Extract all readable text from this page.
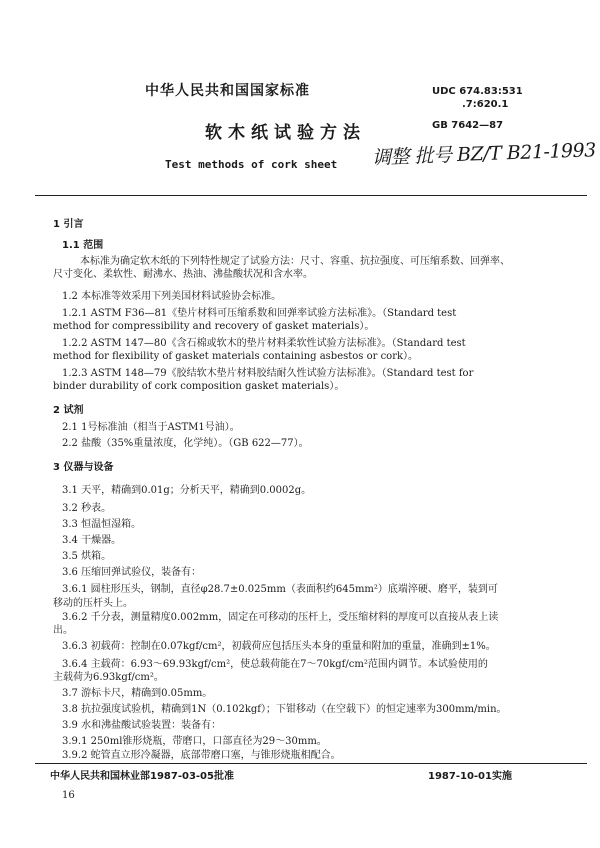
中华人民共和国国家标准
软木纸试验方法
Test methods of cork sheet
UDC 674.83:531
.7:620.1
GB 7642—87
调整 批号 BZ/T B21-1993
1 引言
1.1 范围
本标准为确定软木纸的下列特性规定了试验方法：尺寸、容重、抗拉强度、可压缩系数、回弹率、
尺寸变化、柔软性、耐沸水、热油、沸盐酸状况和含水率。
1.2 本标准等效采用下列美国材料试验协会标准。
1.2.1 ASTM F36—81《垫片材料可压缩系数和回弹率试验方法标准》。（Standard test
method for compressibility and recovery of gasket materials）。
1.2.2 ASTM 147—80《含石棉或软木的垫片材料柔软性试验方法标准》。（Standard test
method for flexibility of gasket materials containing asbestos or cork）。
1.2.3 ASTM 148—79《胶结软木垫片材料胶结耐久性试验方法标准》。（Standard test for
binder durability of cork composition gasket materials）。
2 试剂
2.1 1号标准油（相当于ASTM1号油）。
2.2 盐酸（35%重量浓度，化学纯）。（GB 622—77）。
3 仪器与设备
3.1 天平，精确到0.01g；分析天平，精确到0.0002g。
3.2 秒表。
3.3 恒温恒湿箱。
3.4 干燥器。
3.5 烘箱。
3.6 压缩回弹试验仪，装备有：
3.6.1 圆柱形压头，钢制，直径φ28.7±0.025mm（表面积约645mm²）底端淬硬、磨平，装到可
移动的压杆头上。
3.6.2 千分表，测量精度0.002mm，固定在可移动的压杆上，受压缩材料的厚度可以直接从表上读
出。
3.6.3 初载荷：控制在0.07kgf/cm²，初载荷应包括压头本身的重量和附加的重量，准确到±1%。
3.6.4 主载荷：6.93～69.93kgf/cm²，使总载荷能在7～70kgf/cm²范围内调节。本试验使用的
主载荷为6.93kgf/cm²。
3.7 游标卡尺，精确到0.05mm。
3.8 抗拉强度试验机，精确到1N（0.102kgf）；下钳移动（在空载下）的恒定速率为300mm/min。
3.9 水和沸盐酸试验装置：装备有：
3.9.1 250ml锥形烧瓶，带磨口，口部直径为29～30mm。
3.9.2 蛇管直立形冷凝器，底部带磨口塞，与锥形烧瓶相配合。
中华人民共和国林业部1987-03-05批准	1987-10-01实施
16
